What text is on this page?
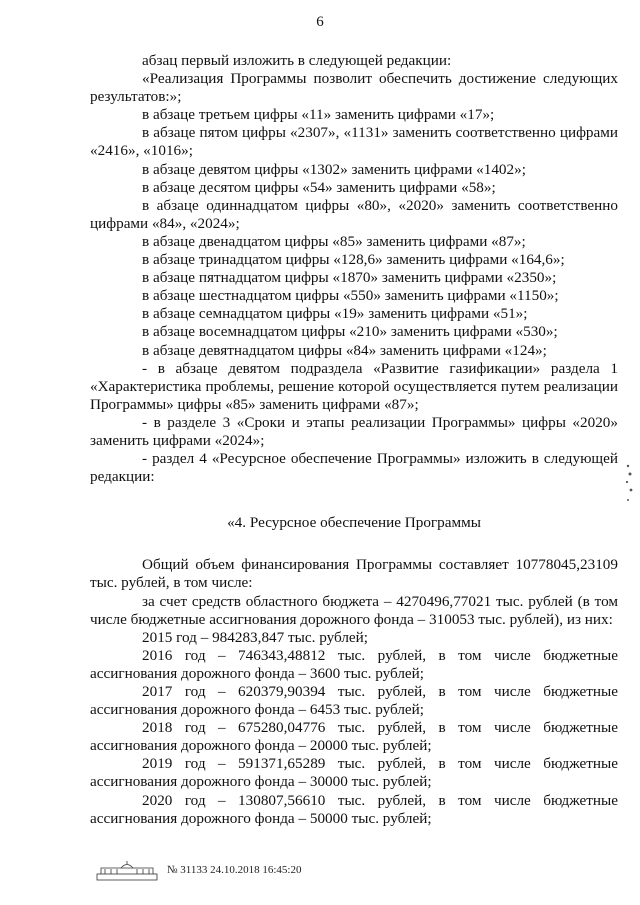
6

абзац первый изложить в следующей редакции:

«Реализация Программы позволит обеспечить достижение следующих результатов:»;

в абзаце третьем цифры «11» заменить цифрами «17»;

в абзаце пятом цифры «2307», «1131» заменить соответственно цифрами «2416», «1016»;

в абзаце девятом цифры «1302» заменить цифрами «1402»;

в абзаце десятом цифры «54» заменить цифрами «58»;

в абзаце одиннадцатом цифры «80», «2020» заменить соответственно цифрами «84», «2024»;

в абзаце двенадцатом цифры «85» заменить цифрами «87»;

в абзаце тринадцатом цифры «128,6» заменить цифрами «164,6»;

в абзаце пятнадцатом цифры «1870» заменить цифрами «2350»;

в абзаце шестнадцатом цифры «550» заменить цифрами «1150»;

в абзаце семнадцатом цифры «19» заменить цифрами «51»;

в абзаце восемнадцатом цифры «210» заменить цифрами «530»;

в абзаце девятнадцатом цифры «84» заменить цифрами «124»;

- в абзаце девятом подраздела «Развитие газификации» раздела 1 «Характеристика проблемы, решение которой осуществляется путем реализации Программы» цифры «85» заменить цифрами «87»;

- в разделе 3 «Сроки и этапы реализации Программы» цифры «2020» заменить цифрами «2024»;

- раздел 4 «Ресурсное обеспечение Программы» изложить в следующей редакции:

«4. Ресурсное обеспечение Программы

Общий объем финансирования Программы составляет 10778045,23109 тыс. рублей, в том числе:

за счет средств областного бюджета – 4270496,77021 тыс. рублей (в том числе бюджетные ассигнования дорожного фонда – 310053 тыс. рублей), из них:

2015 год – 984283,847 тыс. рублей;

2016 год – 746343,48812 тыс. рублей, в том числе бюджетные ассигнования дорожного фонда – 3600 тыс. рублей;

2017 год – 620379,90394 тыс. рублей, в том числе бюджетные ассигнования дорожного фонда – 6453 тыс. рублей;

2018 год – 675280,04776 тыс. рублей, в том числе бюджетные ассигнования дорожного фонда – 20000 тыс. рублей;

2019 год – 591371,65289 тыс. рублей, в том числе бюджетные ассигнования дорожного фонда – 30000 тыс. рублей;

2020 год – 130807,56610 тыс. рублей, в том числе бюджетные ассигнования дорожного фонда – 50000 тыс. рублей;

№ 31133 24.10.2018 16:45:20
